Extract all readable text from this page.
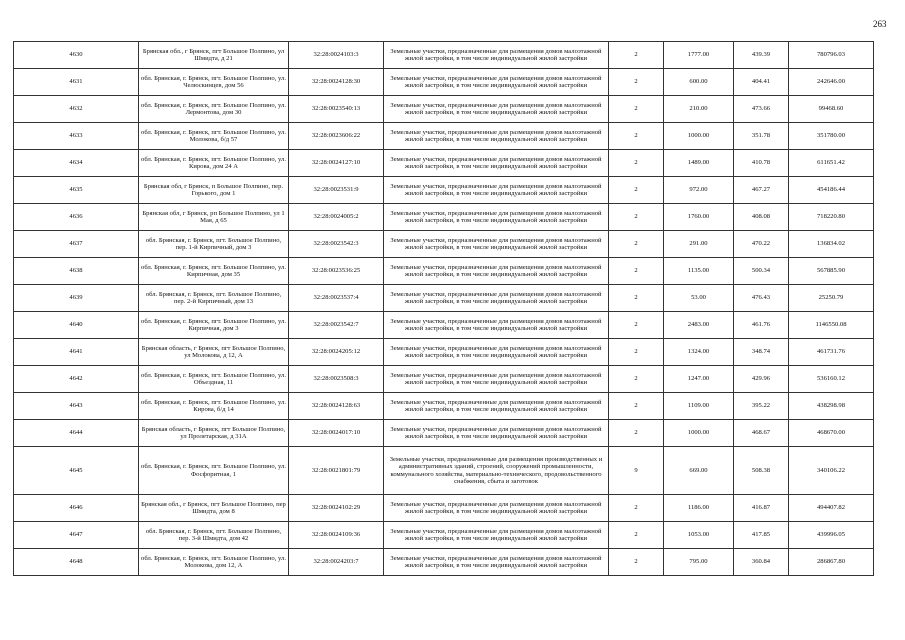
263
4630	Брянская обл., г Брянск, пгт Большое Полпино, ул Шмидта, д 21	32:28:0024103:3	Земельные участки, предназначенные для размещения домов малоэтажной жилой застройки, в том числе индивидуальной жилой застройки	2	1777.00	439.39	780796.03
4631	обл. Брянская, г. Брянск, пгт. Большое Полпино, ул. Челюскинцев, дом 56	32:28:0024128:30	Земельные участки, предназначенные для размещения домов малоэтажной жилой застройки, в том числе индивидуальной жилой застройки	2	600.00	404.41	242646.00
4632	обл. Брянская, г. Брянск, пгт. Большое Полпино, ул. Лермонтова, дом 30	32:28:0023540:13	Земельные участки, предназначенные для размещения домов малоэтажной жилой застройки, в том числе индивидуальной жилой застройки	2	210.00	473.66	99468.60
4633	обл. Брянская, г. Брянск, пгт. Большое Полпино, ул. Молокова, б/д 57	32:28:0023606:22	Земельные участки, предназначенные для размещения домов малоэтажной жилой застройки, в том числе индивидуальной жилой застройки	2	1000.00	351.78	351780.00
4634	обл. Брянская, г. Брянск, пгт. Большое Полпино, ул. Кирова, дом 24 А	32:28:0024127:10	Земельные участки, предназначенные для размещения домов малоэтажной жилой застройки, в том числе индивидуальной жилой застройки	2	1489.00	410.78	611651.42
4635	Брянская обл, г Брянск, п Большое Полпино, пер. Горького, дом 1	32:28:0023531:9	Земельные участки, предназначенные для размещения домов малоэтажной жилой застройки, в том числе индивидуальной жилой застройки	2	972.00	467.27	454186.44
4636	Брянская обл, г Брянск, рп Большое Полпино, ул 1 Мая, д 65	32:28:0024005:2	Земельные участки, предназначенные для размещения домов малоэтажной жилой застройки, в том числе индивидуальной жилой застройки	2	1760.00	408.08	718220.80
4637	обл. Брянская, г. Брянск, пгт. Большое Полпино, пер. 1-й Кирпичный, дом 3	32:28:0023542:3	Земельные участки, предназначенные для размещения домов малоэтажной жилой застройки, в том числе индивидуальной жилой застройки	2	291.00	470.22	136834.02
4638	обл. Брянская, г. Брянск, пгт. Большое Полпино, ул. Кирпичная, дом 35	32:28:0023536:25	Земельные участки, предназначенные для размещения домов малоэтажной жилой застройки, в том числе индивидуальной жилой застройки	2	1135.00	500.34	567885.90
4639	обл. Брянская, г. Брянск, пгт. Большое Полпино, пер. 2-й Кирпичный, дом 13	32:28:0023537:4	Земельные участки, предназначенные для размещения домов малоэтажной жилой застройки, в том числе индивидуальной жилой застройки	2	53.00	476.43	25250.79
4640	обл. Брянская, г. Брянск, пгт. Большое Полпино, ул. Кирпичная, дом 3	32:28:0023542:7	Земельные участки, предназначенные для размещения домов малоэтажной жилой застройки, в том числе индивидуальной жилой застройки	2	2483.00	461.76	1146550.08
4641	Брянская область, г Брянск, пгт Большое Полпино, ул Молокова, д 12, А	32:28:0024205:12	Земельные участки, предназначенные для размещения домов малоэтажной жилой застройки, в том числе индивидуальной жилой застройки	2	1324.00	348.74	461731.76
4642	обл. Брянская, г. Брянск, пгт. Большое Полпино, ул. Объездная, 11	32:28:0023508:3	Земельные участки, предназначенные для размещения домов малоэтажной жилой застройки, в том числе индивидуальной жилой застройки	2	1247.00	429.96	536160.12
4643	обл. Брянская, г. Брянск, пгт. Большое Полпино, ул. Кирова, б/д 14	32:28:0024128:63	Земельные участки, предназначенные для размещения домов малоэтажной жилой застройки, в том числе индивидуальной жилой застройки	2	1109.00	395.22	438298.98
4644	Брянская область, г Брянск, пгт Большое Полпино, ул Пролетарская, д 31А	32:28:0024017:10	Земельные участки, предназначенные для размещения домов малоэтажной жилой застройки, в том числе индивидуальной жилой застройки	2	1000.00	468.67	468670.00
4645	обл. Брянская, г. Брянск, пгт. Большое Полпино, ул. Фосфоритная, 1	32:28:0021801:79	Земельные участки, предназначенные для размещения производственных и административных зданий, строений, сооружений промышленности, коммунального хозяйства, материально-технического, продовольственного снабжения, сбыта и заготовок	9	669.00	508.38	340106.22
4646	Брянская обл., г Брянск, пгт Большое Полпино, пер Шмидта, дом 8	32:28:0024102:29	Земельные участки, предназначенные для размещения домов малоэтажной жилой застройки, в том числе индивидуальной жилой застройки	2	1186.00	416.87	494407.82
4647	обл. Брянская, г. Брянск, пгт. Большое Полпино, пер. 3-й Шмидта, дом 42	32:28:0024109:36	Земельные участки, предназначенные для размещения домов малоэтажной жилой застройки, в том числе индивидуальной жилой застройки	2	1053.00	417.85	439996.05
4648	обл. Брянская, г. Брянск, пгт. Большое Полпино, ул. Молокова, дом 12, А	32:28:0024203:7	Земельные участки, предназначенные для размещения домов малоэтажной жилой застройки, в том числе индивидуальной жилой застройки	2	795.00	360.84	286867.80
